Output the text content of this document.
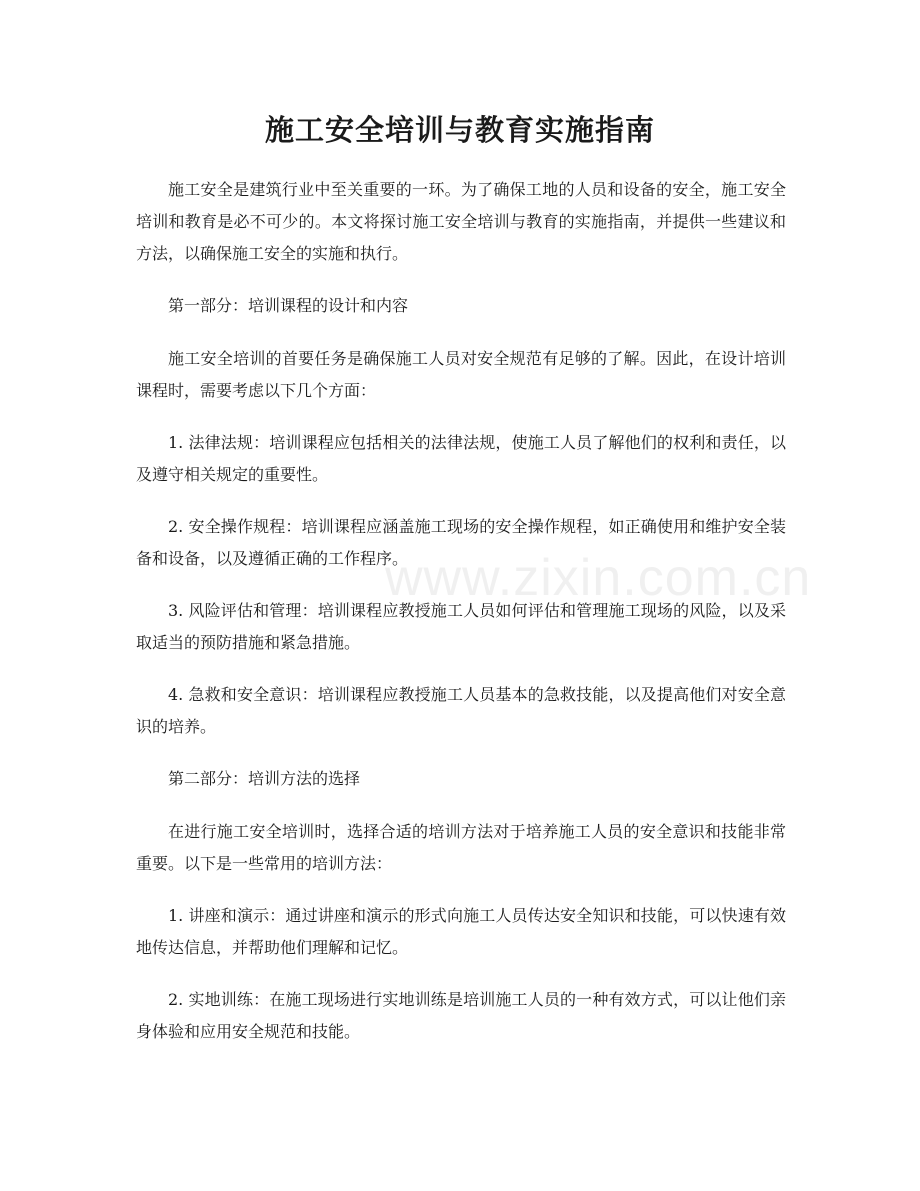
施工安全培训与教育实施指南

施工安全是建筑行业中至关重要的一环。为了确保工地的人员和设备的安全，施工安全培训和教育是必不可少的。本文将探讨施工安全培训与教育的实施指南，并提供一些建议和方法，以确保施工安全的实施和执行。

第一部分：培训课程的设计和内容

施工安全培训的首要任务是确保施工人员对安全规范有足够的了解。因此，在设计培训课程时，需要考虑以下几个方面：

1. 法律法规：培训课程应包括相关的法律法规，使施工人员了解他们的权利和责任，以及遵守相关规定的重要性。

2. 安全操作规程：培训课程应涵盖施工现场的安全操作规程，如正确使用和维护安全装备和设备，以及遵循正确的工作程序。

3. 风险评估和管理：培训课程应教授施工人员如何评估和管理施工现场的风险，以及采取适当的预防措施和紧急措施。

4. 急救和安全意识：培训课程应教授施工人员基本的急救技能，以及提高他们对安全意识的培养。

第二部分：培训方法的选择

在进行施工安全培训时，选择合适的培训方法对于培养施工人员的安全意识和技能非常重要。以下是一些常用的培训方法：

1. 讲座和演示：通过讲座和演示的形式向施工人员传达安全知识和技能，可以快速有效地传达信息，并帮助他们理解和记忆。

2. 实地训练：在施工现场进行实地训练是培训施工人员的一种有效方式，可以让他们亲身体验和应用安全规范和技能。

www.zixin.com.cn
